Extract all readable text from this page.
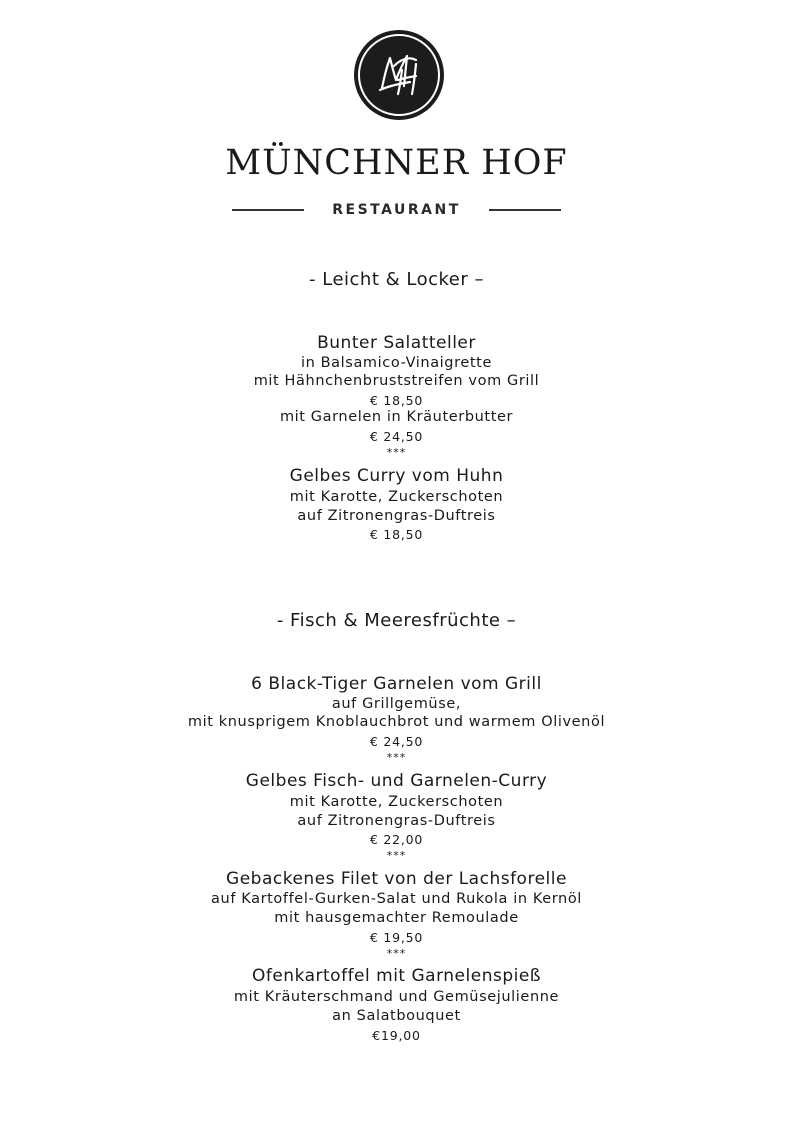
MÜNCHNER HOF
RESTAURANT
- Leicht & Locker –
Bunter Salatteller
in Balsamico-Vinaigrette
mit Hähnchenbruststreifen vom Grill
€ 18,50
mit Garnelen in Kräuterbutter
€ 24,50
***
Gelbes Curry vom Huhn
mit Karotte, Zuckerschoten
auf Zitronengras-Duftreis
€ 18,50
- Fisch & Meeresfrüchte –
6 Black-Tiger Garnelen vom Grill
auf Grillgemüse,
mit knusprigem Knoblauchbrot und warmem Olivenöl
€ 24,50
***
Gelbes Fisch- und Garnelen-Curry
mit Karotte, Zuckerschoten
auf Zitronengras-Duftreis
€ 22,00
***
Gebackenes Filet von der Lachsforelle
auf Kartoffel-Gurken-Salat und Rukola in Kernöl
mit hausgemachter Remoulade
€ 19,50
***
Ofenkartoffel mit Garnelenspieß
mit Kräuterschmand und Gemüsejulienne
an Salatbouquet
€19,00
